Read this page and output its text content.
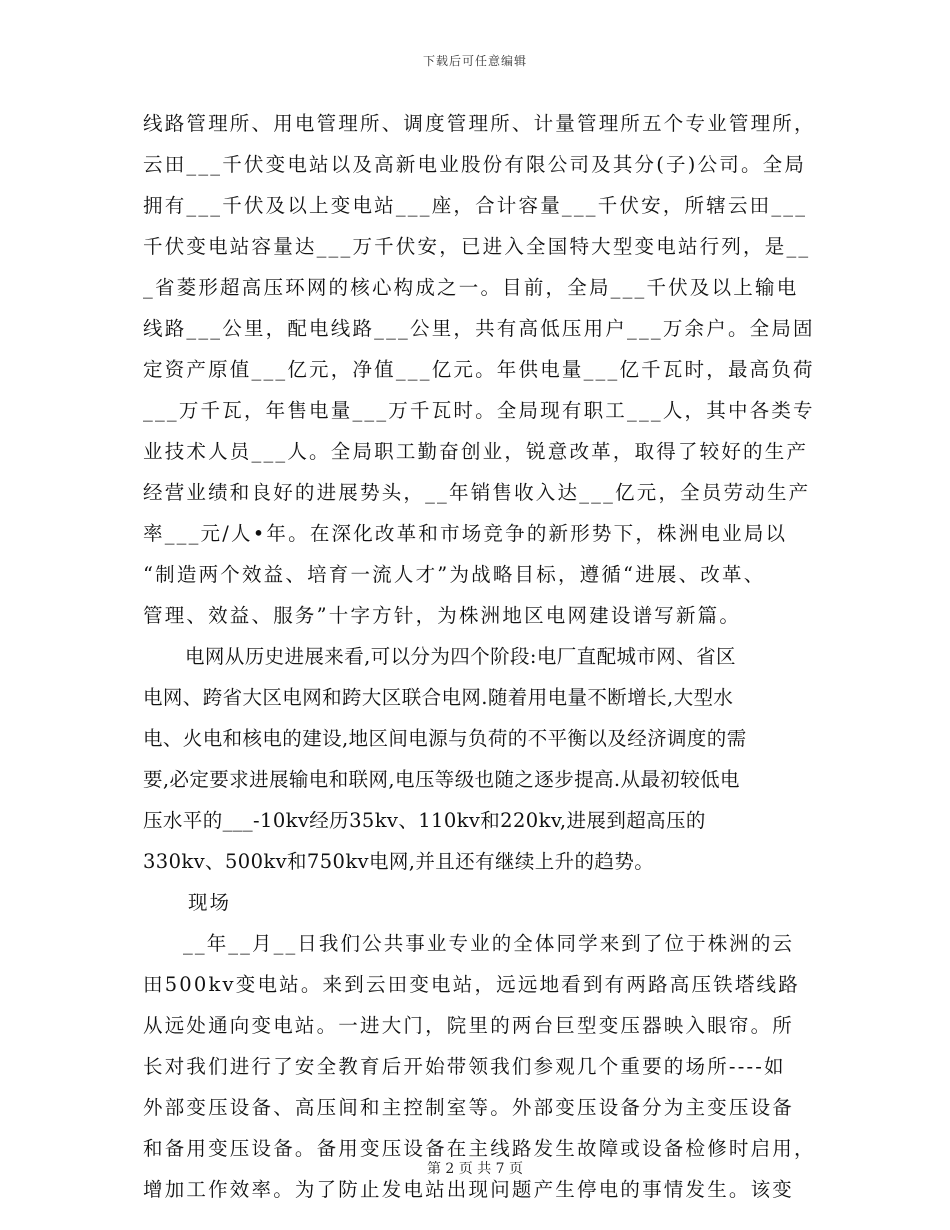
下载后可任意编辑
线路管理所、用电管理所、调度管理所、计量管理所五个专业管理所，
云田___千伏变电站以及高新电业股份有限公司及其分(子)公司。全局
拥有___千伏及以上变电站___座，合计容量___千伏安，所辖云田___
千伏变电站容量达___万千伏安，已进入全国特大型变电站行列，是__
_省菱形超高压环网的核心构成之一。目前，全局___千伏及以上输电
线路___公里，配电线路___公里，共有高低压用户___万余户。全局固
定资产原值___亿元，净值___亿元。年供电量___亿千瓦时，最高负荷
___万千瓦，年售电量___万千瓦时。全局现有职工___人，其中各类专
业技术人员___人。全局职工勤奋创业，锐意改革，取得了较好的生产
经营业绩和良好的进展势头，__年销售收入达___亿元，全员劳动生产
率___元/人•年。在深化改革和市场竞争的新形势下，株洲电业局以
“制造两个效益、培育一流人才”为战略目标，遵循“进展、改革、
管理、效益、服务”十字方针，为株洲地区电网建设谱写新篇。
电网从历史进展来看,可以分为四个阶段:电厂直配城市网、省区
电网、跨省大区电网和跨大区联合电网.随着用电量不断增长,大型水
电、火电和核电的建设,地区间电源与负荷的不平衡以及经济调度的需
要,必定要求进展输电和联网,电压等级也随之逐步提高.从最初较低电
压水平的___-10kv经历35kv、110kv和220kv,进展到超高压的
330kv、500kv和750kv电网,并且还有继续上升的趋势。
现场
__年__月__日我们公共事业专业的全体同学来到了位于株洲的云
田500kv变电站。来到云田变电站，远远地看到有两路高压铁塔线路
从远处通向变电站。一进大门，院里的两台巨型变压器映入眼帘。所
长对我们进行了安全教育后开始带领我们参观几个重要的场所----如
外部变压设备、高压间和主控制室等。外部变压设备分为主变压设备
和备用变压设备。备用变压设备在主线路发生故障或设备检修时启用，
增加工作效率。为了防止发电站出现问题产生停电的事情发生。该变
第 2 页 共 7 页
